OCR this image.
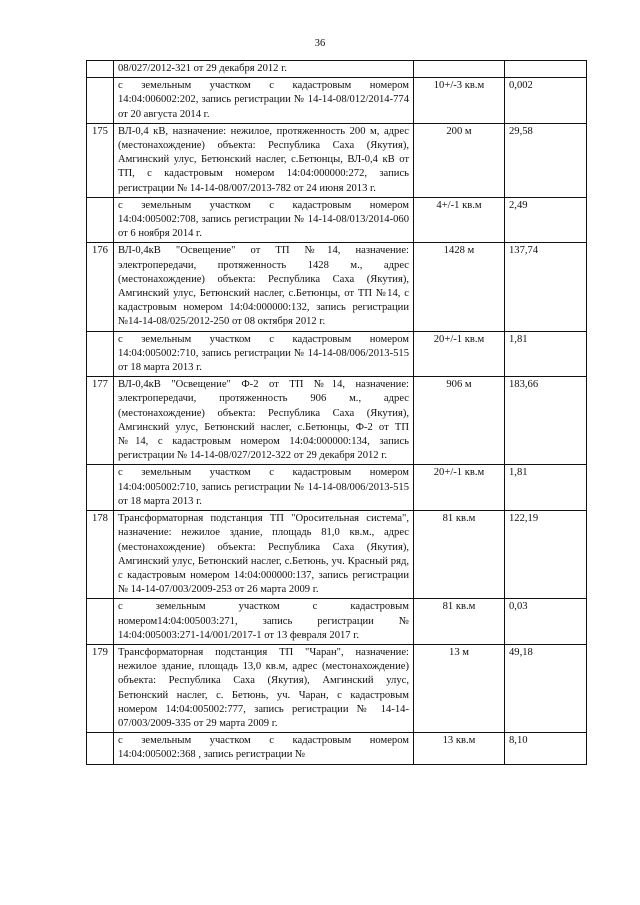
36
	08/027/2012-321 от 29 декабря 2012 г.		
	с земельным участком с кадастровым номером 14:04:006002:202, запись регистрации № 14-14-08/012/2014-774 от 20 августа 2014 г.	10+/-3 кв.м	0,002
175	ВЛ-0,4 кВ, назначение: нежилое, протяженность 200 м, адрес (местонахождение) объекта: Республика Саха (Якутия), Амгинский улус, Бетюнский наслег, с.Бетюнцы, ВЛ-0,4 кВ от ТП, с кадастровым номером 14:04:000000:272, запись регистрации № 14-14-08/007/2013-782 от 24 июня 2013 г.	200 м	29,58
	с земельным участком с кадастровым номером 14:04:005002:708, запись регистрации № 14-14-08/013/2014-060 от 6 ноября 2014 г.	4+/-1 кв.м	2,49
176	ВЛ-0,4кВ "Освещение" от ТП №14, назначение: электропередачи, протяженность 1428 м., адрес (местонахождение) объекта: Республика Саха (Якутия), Амгинский улус, Бетюнский наслег, с.Бетюнцы, от ТП №14, с кадастровым номером 14:04:000000:132, запись регистрации №14-14-08/025/2012-250 от 08 октября 2012 г.	1428 м	137,74
	с земельным участком с кадастровым номером 14:04:005002:710, запись регистрации № 14-14-08/006/2013-515 от 18 марта 2013 г.	20+/-1 кв.м	1,81
177	ВЛ-0,4кВ "Освещение" Ф-2 от ТП №14, назначение: электропередачи, протяженность 906 м., адрес (местонахождение) объекта: Республика Саха (Якутия), Амгинский улус, Бетюнский наслег, с.Бетюнцы, Ф-2 от ТП №14, с кадастровым номером 14:04:000000:134, запись регистрации № 14-14-08/027/2012-322 от 29 декабря 2012 г.	906 м	183,66
	с земельным участком с кадастровым номером 14:04:005002:710, запись регистрации № 14-14-08/006/2013-515 от 18 марта 2013 г.	20+/-1 кв.м	1,81
178	Трансформаторная подстанция ТП "Оросительная система", назначение: нежилое здание, площадь 81,0 кв.м., адрес (местонахождение) объекта: Республика Саха (Якутия), Амгинский улус, Бетюнский наслег, с.Бетюнь, уч. Красный ряд, с кадастровым номером 14:04:000000:137, запись регистрации № 14-14-07/003/2009-253 от 26 марта 2009 г.	81 кв.м	122,19
	с земельным участком с кадастровым номером14:04:005003:271, запись регистрации № 14:04:005003:271-14/001/2017-1 от 13 февраля 2017 г.	81 кв.м	0,03
179	Трансформаторная подстанция ТП "Чаран", назначение: нежилое здание, площадь 13,0 кв.м, адрес (местонахождение) объекта: Республика Саха (Якутия), Амгинский улус, Бетюнский наслег, с. Бетюнь, уч. Чаран, с кадастровым номером 14:04:005002:777, запись регистрации № 14-14-07/003/2009-335 от 29 марта 2009 г.	13 м	49,18
	с земельным участком с кадастровым номером 14:04:005002:368 , запись регистрации №	13 кв.м	8,10
